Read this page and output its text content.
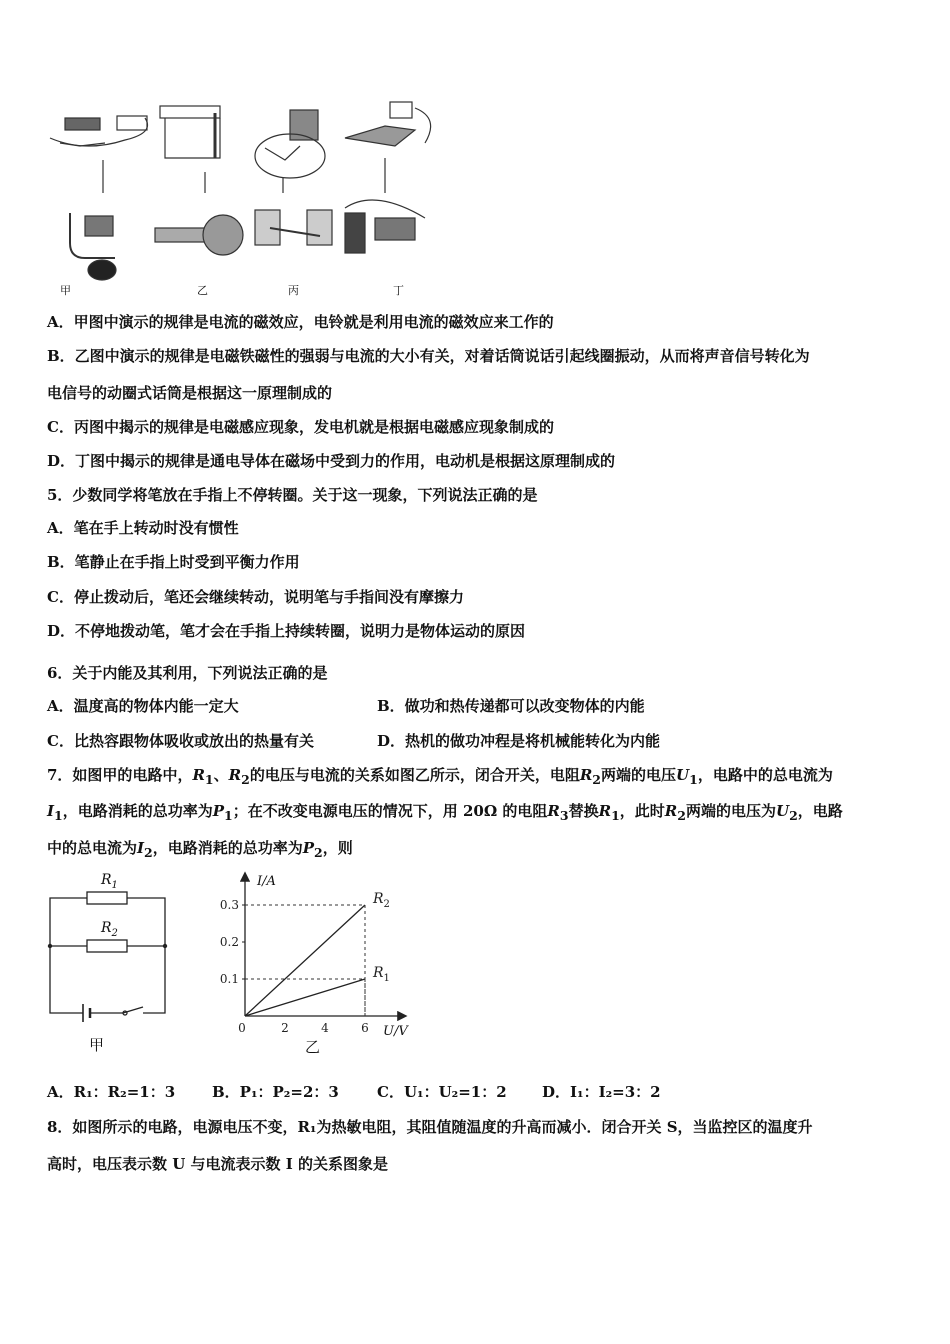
甲	乙	丙	丁
A．甲图中演示的规律是电流的磁效应，电铃就是利用电流的磁效应来工作的
B．乙图中演示的规律是电磁铁磁性的强弱与电流的大小有关，对着话筒说话引起线圈振动，从而将声音信号转化为
电信号的动圈式话筒是根据这一原理制成的
C．丙图中揭示的规律是电磁感应现象，发电机就是根据电磁感应现象制成的
D．丁图中揭示的规律是通电导体在磁场中受到力的作用，电动机是根据这原理制成的
5．少数同学将笔放在手指上不停转圈。关于这一现象，下列说法正确的是
A．笔在手上转动时没有惯性
B．笔静止在手指上时受到平衡力作用
C．停止拨动后，笔还会继续转动，说明笔与手指间没有摩擦力
D．不停地拨动笔，笔才会在手指上持续转圈，说明力是物体运动的原因
6．关于内能及其利用，下列说法正确的是
A．温度高的物体内能一定大	B．做功和热传递都可以改变物体的内能
C．比热容跟物体吸收或放出的热量有关	D．热机的做功冲程是将机械能转化为内能
7．如图甲的电路中，$R_1$、$R_2$的电压与电流的关系如图乙所示，闭合开关，电阻$R_2$两端的电压$U_1$，电路中的总电流为
$I_1$，电路消耗的总功率为$P_1$；在不改变电源电压的情况下，用 20Ω 的电阻$R_3$替换$R_1$，此时$R_2$两端的电压为$U_2$，电路
中的总电流为$I_2$，电路消耗的总功率为$P_2$，则
$R_1$
$R_2$
甲
0.1
0.2
0.3
0	2	4	6
$R_2$
$R_1$
I/A
U/V
乙
A．R₁：R₂=1：3 B．P₁：P₂=2：3	C．U₁：U₂=1：2 D．I₁：I₂=3：2
8．如图所示的电路，电源电压不变，R₁为热敏电阻，其阻值随温度的升高而减小．闭合开关 S，当监控区的温度升
高时，电压表示数 U 与电流表示数 I 的关系图象是
